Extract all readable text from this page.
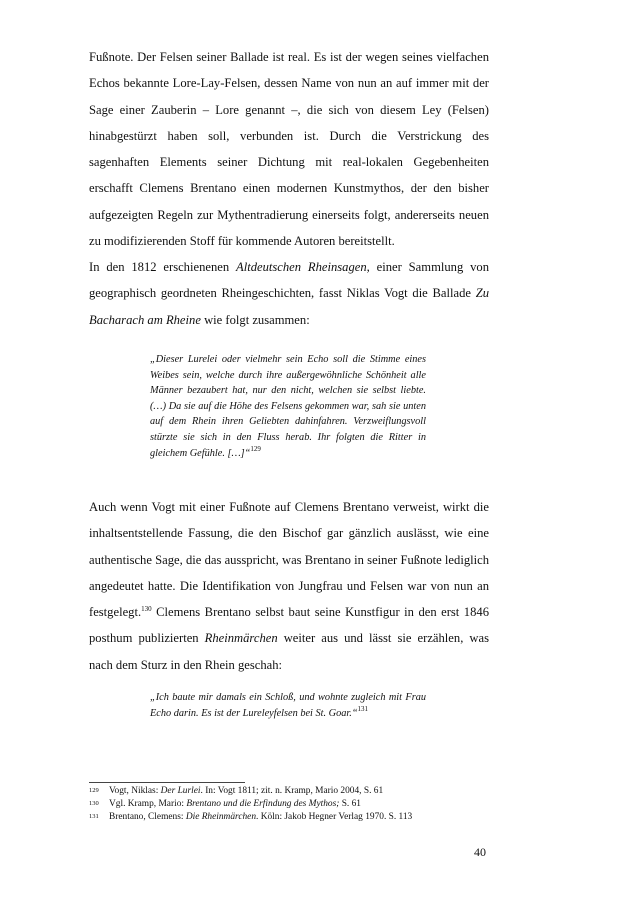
Fußnote. Der Felsen seiner Ballade ist real. Es ist der wegen seines vielfachen Echos bekannte Lore-Lay-Felsen, dessen Name von nun an auf immer mit der Sage einer Zauberin – Lore genannt –, die sich von diesem Ley (Felsen) hinabgestürzt haben soll, verbunden ist. Durch die Verstrickung des sagenhaften Elements seiner Dichtung mit real-lokalen Gegebenheiten erschafft Clemens Brentano einen modernen Kunstmythos, der den bisher aufgezeigten Regeln zur Mythentradierung einerseits folgt, andererseits neuen zu modifizierenden Stoff für kommende Autoren bereitstellt.

In den 1812 erschienenen Altdeutschen Rheinsagen, einer Sammlung von geographisch geordneten Rheingeschichten, fasst Niklas Vogt die Ballade Zu Bacharach am Rheine wie folgt zusammen:

„Dieser Lurelei oder vielmehr sein Echo soll die Stimme eines Weibes sein, welche durch ihre außergewöhnliche Schönheit alle Männer bezaubert hat, nur den nicht, welchen sie selbst liebte. (…) Da sie auf die Höhe des Felsens gekommen war, sah sie unten auf dem Rhein ihren Geliebten dahinfahren. Verzweiflungsvoll stürzte sie sich in den Fluss herab. Ihr folgten die Ritter in gleichem Gefühle. […]“$^{129}$

Auch wenn Vogt mit einer Fußnote auf Clemens Brentano verweist, wirkt die inhaltsentstellende Fassung, die den Bischof gar gänzlich auslässt, wie eine authentische Sage, die das ausspricht, was Brentano in seiner Fußnote lediglich angedeutet hatte. Die Identifikation von Jungfrau und Felsen war von nun an festgelegt.$^{130}$ Clemens Brentano selbst baut seine Kunstfigur in den erst 1846 posthum publizierten Rheinmärchen weiter aus und lässt sie erzählen, was nach dem Sturz in den Rhein geschah:

„Ich baute mir damals ein Schloß, und wohnte zugleich mit Frau Echo darin. Es ist der Lureleyfelsen bei St. Goar.“$^{131}$

129	Vogt, Niklas: Der Lurlei. In: Vogt 1811; zit. n. Kramp, Mario 2004, S. 61
130	Vgl. Kramp, Mario: Brentano und die Erfindung des Mythos; S. 61
131	Brentano, Clemens: Die Rheinmärchen. Köln: Jakob Hegner Verlag 1970. S. 113

40
